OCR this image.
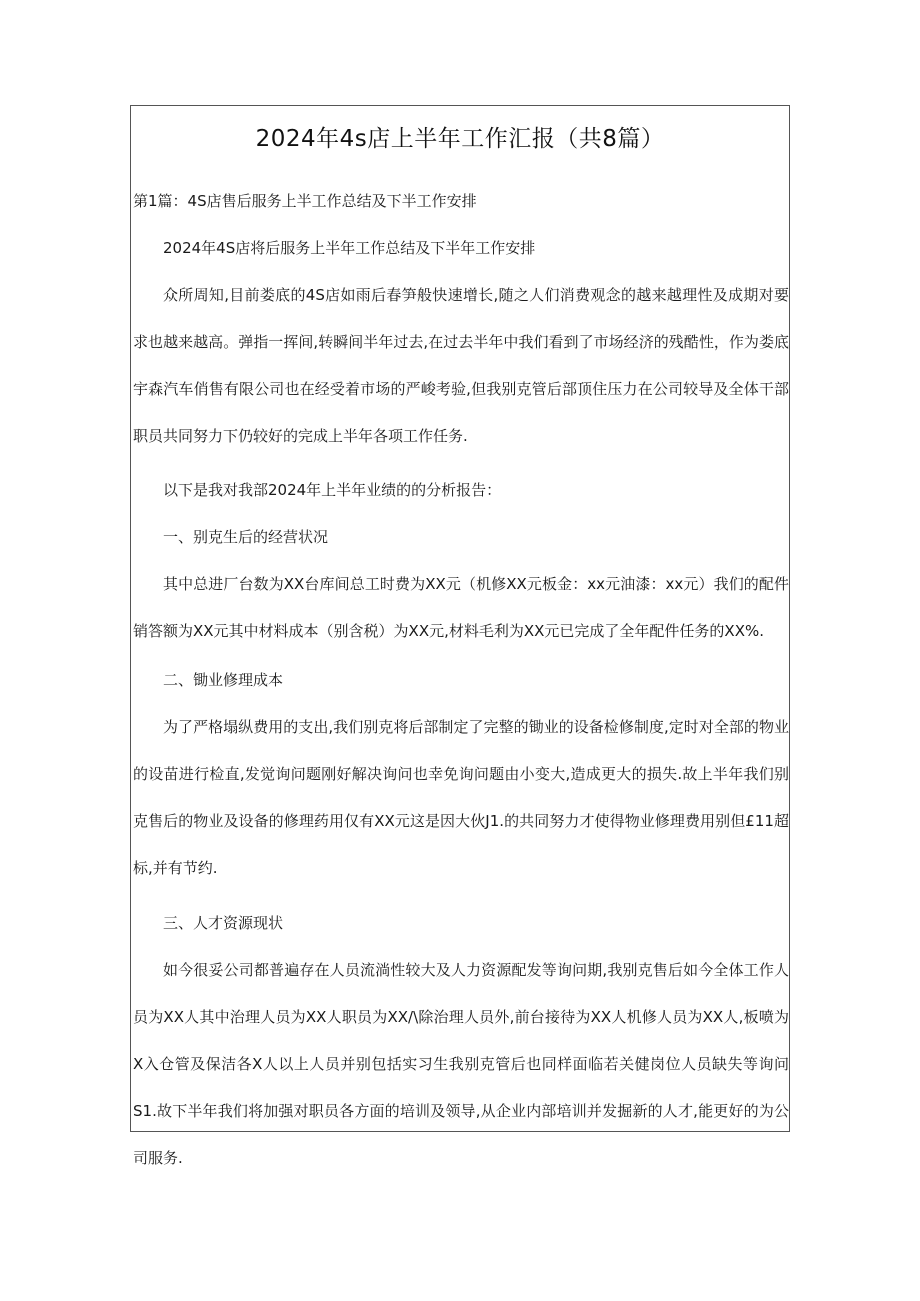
2024年4s店上半年工作汇报（共8篇）
第1篇：4S店售后服务上半工作总结及下半工作安排
2024年4S店将后服务上半年工作总结及下半年工作安排
众所周知,目前娄底的4S店如雨后春笋般快速增长,随之人们消费观念的越来越理性及成期对要求也越来越高。弹指一挥间,转瞬间半年过去,在过去半年中我们看到了市场经济的残酷性，作为娄底宇森汽车俏售有限公司也在经受着市场的严峻考验,但我别克管后部顶住压力在公司较导及全体干部职员共同努力下仍较好的完成上半年各项工作任务.
以下是我对我部2024年上半年业绩的的分析报告：
一、别克生后的经营状况
其中总进厂台数为XX台库间总工时费为XX元（机修XX元板金：xx元油漆：xx元）我们的配件销答额为XX元其中材料成本（别含税）为XX元,材料毛利为XX元已完成了全年配件任务的XX%.
二、锄业修理成本
为了严格塌纵费用的支出,我们别克将后部制定了完整的锄业的设备检修制度,定时对全部的物业的设苗进行检直,发觉询问题刚好解决询问也幸免询问题由小变大,造成更大的损失.故上半年我们别克售后的物业及设备的修理药用仅有XX元这是因大伙J1.的共同努力才使得物业修理费用别但£11超标,并有节约.
三、人才资源现状
如今很妥公司都普遍存在人员流淌性较大及人力资源配发等询问期,我别克售后如今全体工作人员为XX人其中治理人员为XX人职员为XX/\除治理人员外,前台接待为XX人机修人员为XX人,板喷为X入仓管及保洁各X人以上人员并别包括实习生我别克管后也同样面临若关健岗位人员缺失等询问S1.故下半年我们将加强对职员各方面的培训及领导,从企业内部培训并发掘新的人才,能更好的为公司服务.
